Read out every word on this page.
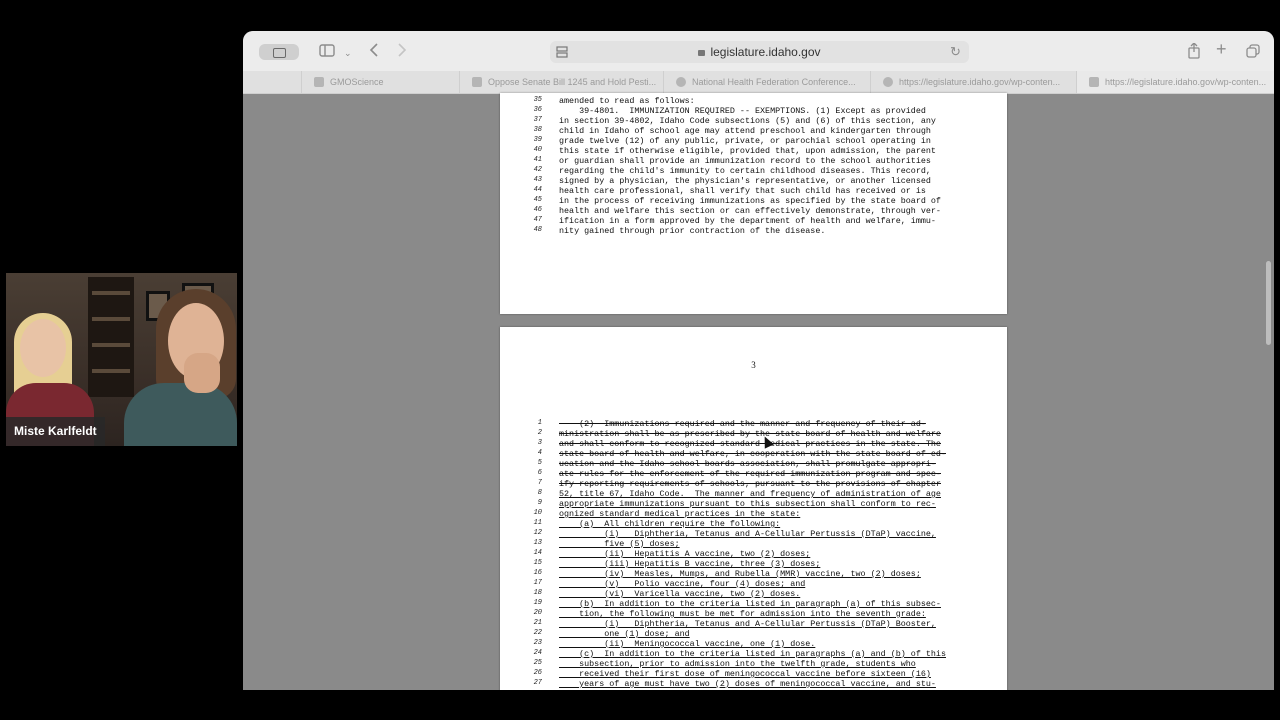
Miste Karlfeldt
⌄	legislature.idaho.gov	↻	+
GMOScience	Oppose Senate Bill 1245 and Hold Pesti...	National Health Federation Conference...	https://legislature.idaho.gov/wp-conten...	https://legislature.idaho.gov/wp-conten...
35 amended to read as follows:
36 39-4801.  IMMUNIZATION REQUIRED -- EXEMPTIONS. (1) Except as provided
37 in section 39-4802, Idaho Code subsections (5) and (6) of this section, any
38 child in Idaho of school age may attend preschool and kindergarten through
39 grade twelve (12) of any public, private, or parochial school operating in
40 this state if otherwise eligible, provided that, upon admission, the parent
41 or guardian shall provide an immunization record to the school authorities
42 regarding the child's immunity to certain childhood diseases. This record,
43 signed by a physician, the physician's representative, or another licensed
44 health care professional, shall verify that such child has received or is
45 in the process of receiving immunizations as specified by the state board of
46 health and welfare this section or can effectively demonstrate, through ver-
47 ification in a form approved by the department of health and welfare, immu-
48 nity gained through prior contraction of the disease.
3
1 (2)  Immunizations required and the manner and frequency of their ad-
2 ministration shall be as prescribed by the state board of health and welfare
3 and shall conform to recognized standard medical practices in the state. The
4 state board of health and welfare, in cooperation with the state board of ed-
5 ucation and the Idaho school boards association, shall promulgate appropri-
6 ate rules for the enforcement of the required immunization program and spec-
7 ify reporting requirements of schools, pursuant to the provisions of chapter
8 52, title 67, Idaho Code.  The manner and frequency of administration of age
9 appropriate immunizations pursuant to this subsection shall conform to rec-
10 ognized standard medical practices in the state:
11 (a)  All children require the following:
12 (i)   Diphtheria, Tetanus and A-Cellular Pertussis (DTaP) vaccine,
13 five (5) doses;
14 (ii)  Hepatitis A vaccine, two (2) doses;
15 (iii) Hepatitis B vaccine, three (3) doses;
16 (iv)  Measles, Mumps, and Rubella (MMR) vaccine, two (2) doses;
17 (v)   Polio vaccine, four (4) doses; and
18 (vi)  Varicella vaccine, two (2) doses.
19 (b)  In addition to the criteria listed in paragraph (a) of this subsec-
20 tion, the following must be met for admission into the seventh grade:
21 (i)   Diphtheria, Tetanus and A-Cellular Pertussis (DTaP) Booster,
22 one (1) dose; and
23 (ii)  Meningococcal vaccine, one (1) dose.
24 (c)  In addition to the criteria listed in paragraphs (a) and (b) of this
25 subsection, prior to admission into the twelfth grade, students who
26 received their first dose of meningococcal vaccine before sixteen (16)
27 years of age must have two (2) doses of meningococcal vaccine, and stu-
